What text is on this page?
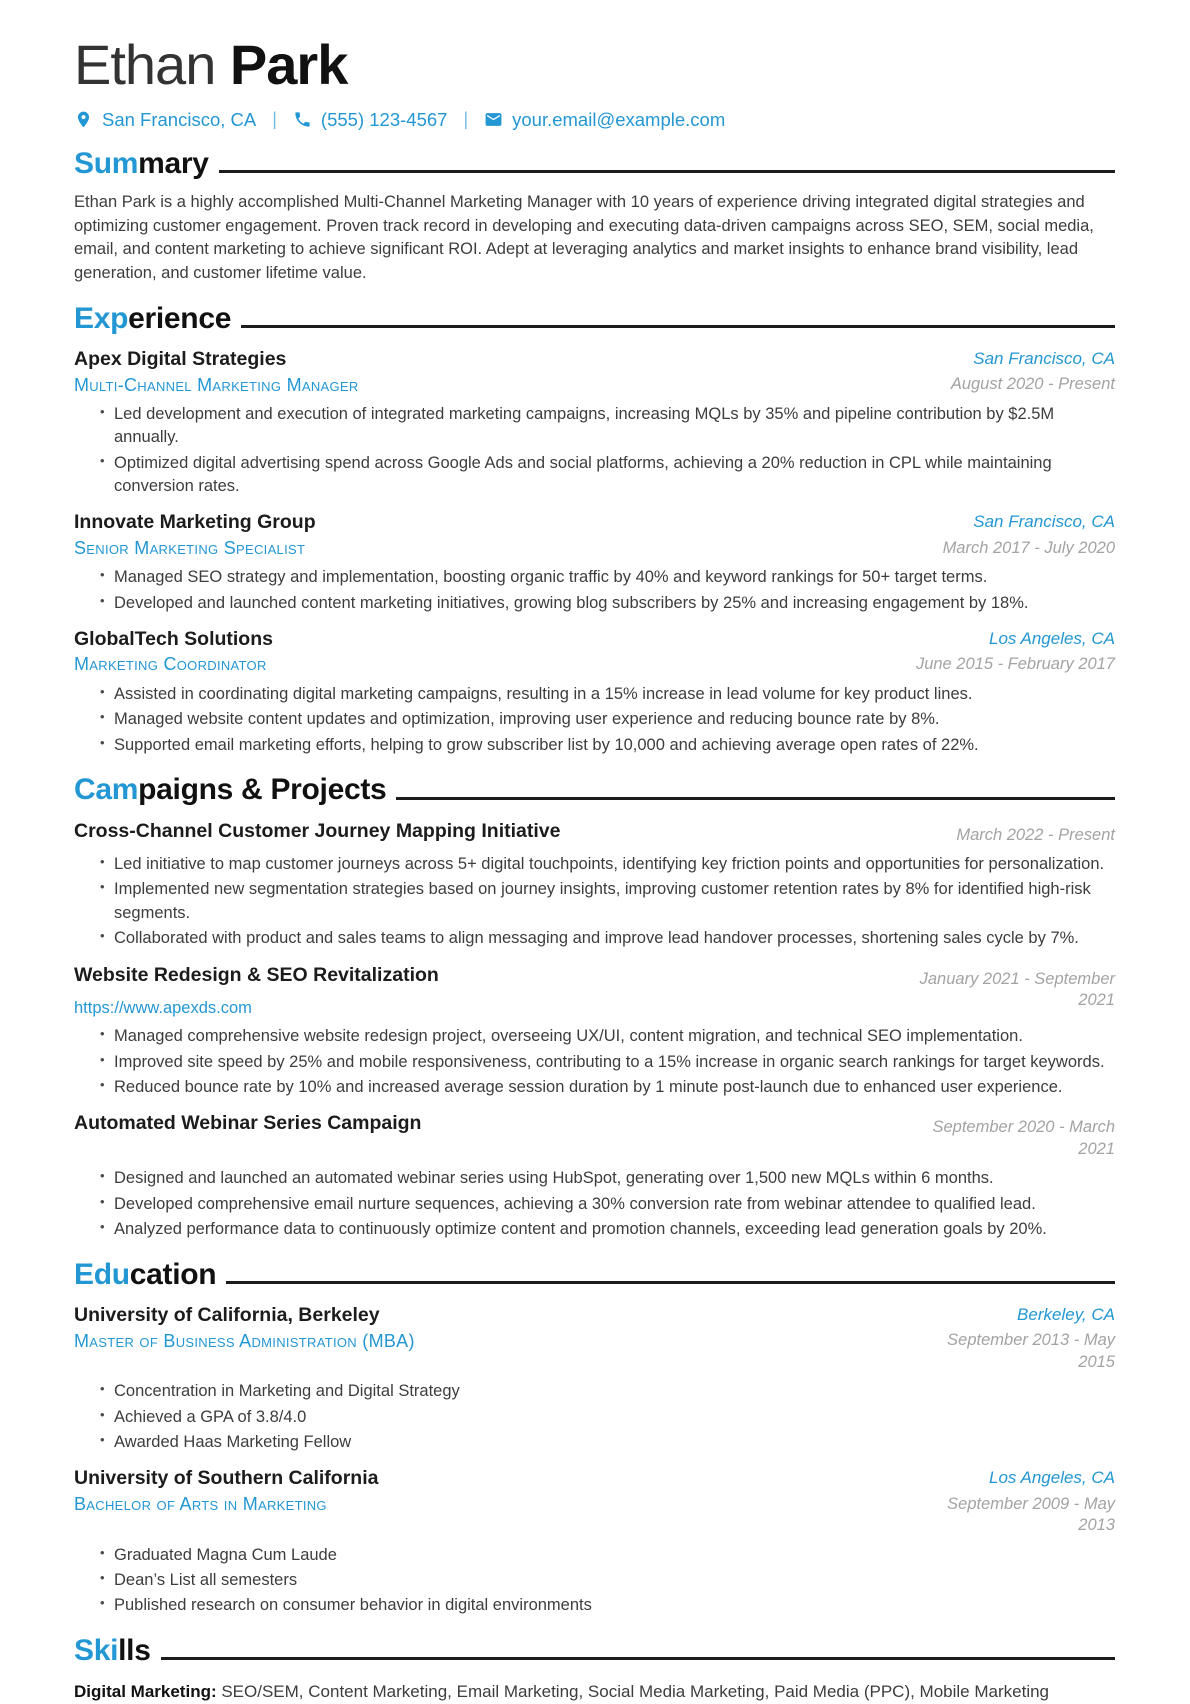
Ethan Park
San Francisco, CA | (555) 123-4567 | your.email@example.com
Sum mary

Ethan Park is a highly accomplished Multi-Channel Marketing Manager with 10 years of experience driving integrated digital strategies and optimizing customer engagement. Proven track record in developing and executing data-driven campaigns across SEO, SEM, social media, email, and content marketing to achieve significant ROI. Adept at leveraging analytics and market insights to enhance brand visibility, lead generation, and customer lifetime value.

Exp erience
Apex Digital Strategies
Multi-Channel Marketing Manager
San Francisco, CA
August 2020 - Present
• Led development and execution of integrated marketing campaigns, increasing MQLs by 35% and pipeline contribution by $2.5M annually.
• Optimized digital advertising spend across Google Ads and social platforms, achieving a 20% reduction in CPL while maintaining conversion rates.
Innovate Marketing Group
Senior Marketing Specialist
San Francisco, CA
March 2017 - July 2020
• Managed SEO strategy and implementation, boosting organic traffic by 40% and keyword rankings for 50+ target terms.
• Developed and launched content marketing initiatives, growing blog subscribers by 25% and increasing engagement by 18%.
GlobalTech Solutions
Marketing Coordinator
Los Angeles, CA
June 2015 - February 2017
• Assisted in coordinating digital marketing campaigns, resulting in a 15% increase in lead volume for key product lines.
• Managed website content updates and optimization, improving user experience and reducing bounce rate by 8%.
• Supported email marketing efforts, helping to grow subscriber list by 10,000 and achieving average open rates of 22%.
Cam paigns & Projects
Cross-Channel Customer Journey Mapping Initiative	March 2022 - Present
• Led initiative to map customer journeys across 5+ digital touchpoints, identifying key friction points and opportunities for personalization.
• Implemented new segmentation strategies based on journey insights, improving customer retention rates by 8% for identified high-risk segments.
• Collaborated with product and sales teams to align messaging and improve lead handover processes, shortening sales cycle by 7%.
Website Redesign & SEO Revitalization
https://www.apexds.com
January 2021 - September 2021
• Managed comprehensive website redesign project, overseeing UX/UI, content migration, and technical SEO implementation.
• Improved site speed by 25% and mobile responsiveness, contributing to a 15% increase in organic search rankings for target keywords.
• Reduced bounce rate by 10% and increased average session duration by 1 minute post-launch due to enhanced user experience.
Automated Webinar Series Campaign	September 2020 - March 2021
• Designed and launched an automated webinar series using HubSpot, generating over 1,500 new MQLs within 6 months.
• Developed comprehensive email nurture sequences, achieving a 30% conversion rate from webinar attendee to qualified lead.
• Analyzed performance data to continuously optimize content and promotion channels, exceeding lead generation goals by 20%.
Edu cation
University of California, Berkeley
Master of Business Administration (MBA)
Berkeley, CA
September 2013 - May 2015
• Concentration in Marketing and Digital Strategy
• Achieved a GPA of 3.8/4.0
• Awarded Haas Marketing Fellow
University of Southern California
Bachelor of Arts in Marketing
Los Angeles, CA
September 2009 - May 2013
• Graduated Magna Cum Laude
• Dean’s List all semesters
• Published research on consumer behavior in digital environments
Ski lls

Digital Marketing: SEO/SEM, Content Marketing, Email Marketing, Social Media Marketing, Paid Media (PPC), Mobile Marketing
